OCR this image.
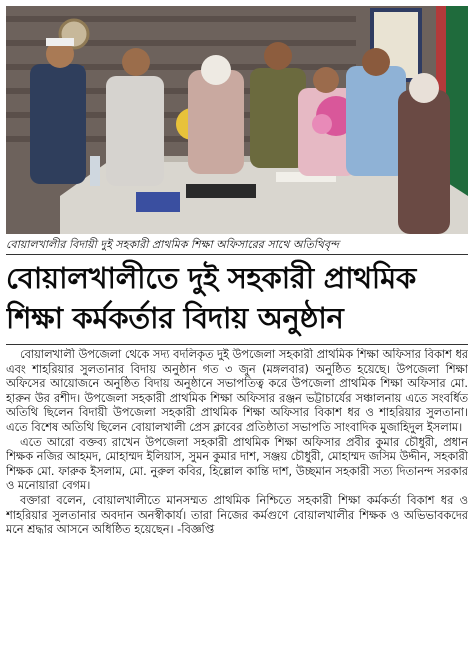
বোয়ালখালীর বিদায়ী দুই সহকারী প্রাথমিক শিক্ষা অফিসারের সাথে অতিথিবৃন্দ
বোয়ালখালীতে দুই সহকারী প্রাথমিক
শিক্ষা কর্মকর্তার বিদায় অনুষ্ঠান

বোয়ালখালী উপজেলা থেকে সদ্য বদলিকৃত দুই উপজেলা সহকারী প্রাথমিক শিক্ষা অফিসার বিকাশ ধর এবং শাহরিয়ার সুলতানার বিদায় অনুষ্ঠান গত ৩ জুন (মঙ্গলবার) অনুষ্ঠিত হয়েছে। উপজেলা শিক্ষা অফিসের আয়োজনে অনুষ্ঠিত বিদায় অনুষ্ঠানে সভাপতিত্ব করে উপজেলা প্রাথমিক শিক্ষা অফিসার মো. হারুন উর রশীদ। উপজেলা সহকারী প্রাথমিক শিক্ষা অফিসার রঞ্জন ভট্টাচার্যের সঞ্চালনায় এতে সংবর্ধিত অতিথি ছিলেন বিদায়ী উপজেলা সহকারী প্রাথমিক শিক্ষা অফিসার বিকাশ ধর ও শাহরিয়ার সুলতানা। এতে বিশেষ অতিথি ছিলেন বোয়ালখালী প্রেস ক্লাবের প্রতিষ্ঠাতা সভাপতি সাংবাদিক মুজাহিদুল ইসলাম।

এতে আরো বক্তব্য রাখেন উপজেলা সহকারী প্রাথমিক শিক্ষা অফিসার প্রবীর কুমার চৌধুরী, প্রধান শিক্ষক নজির আহমদ, মোহাম্মদ ইলিয়াস, সুমন কুমার দাশ, সঞ্জয় চৌধুরী, মোহাম্মদ জসিম উদ্দীন, সহকারী শিক্ষক মো. ফারুক ইসলাম, মো. নুরুল কবির, হিল্লোল কান্তি দাশ, উচ্ছমান সহকারী সত্য দিতানন্দ সরকার ও মনোয়ারা বেগম।

বক্তারা বলেন, বোয়ালখালীতে মানসম্মত প্রাথমিক নিশ্চিতে সহকারী শিক্ষা কর্মকর্তা বিকাশ ধর ও শাহরিয়ার সুলতানার অবদান অনস্বীকার্য। তারা নিজের কর্মগুণে বোয়ালখালীর শিক্ষক ও অভিভাবকদের মনে শ্রদ্ধার আসনে অধিষ্ঠিত হয়েছেন। -বিজ্ঞপ্তি
